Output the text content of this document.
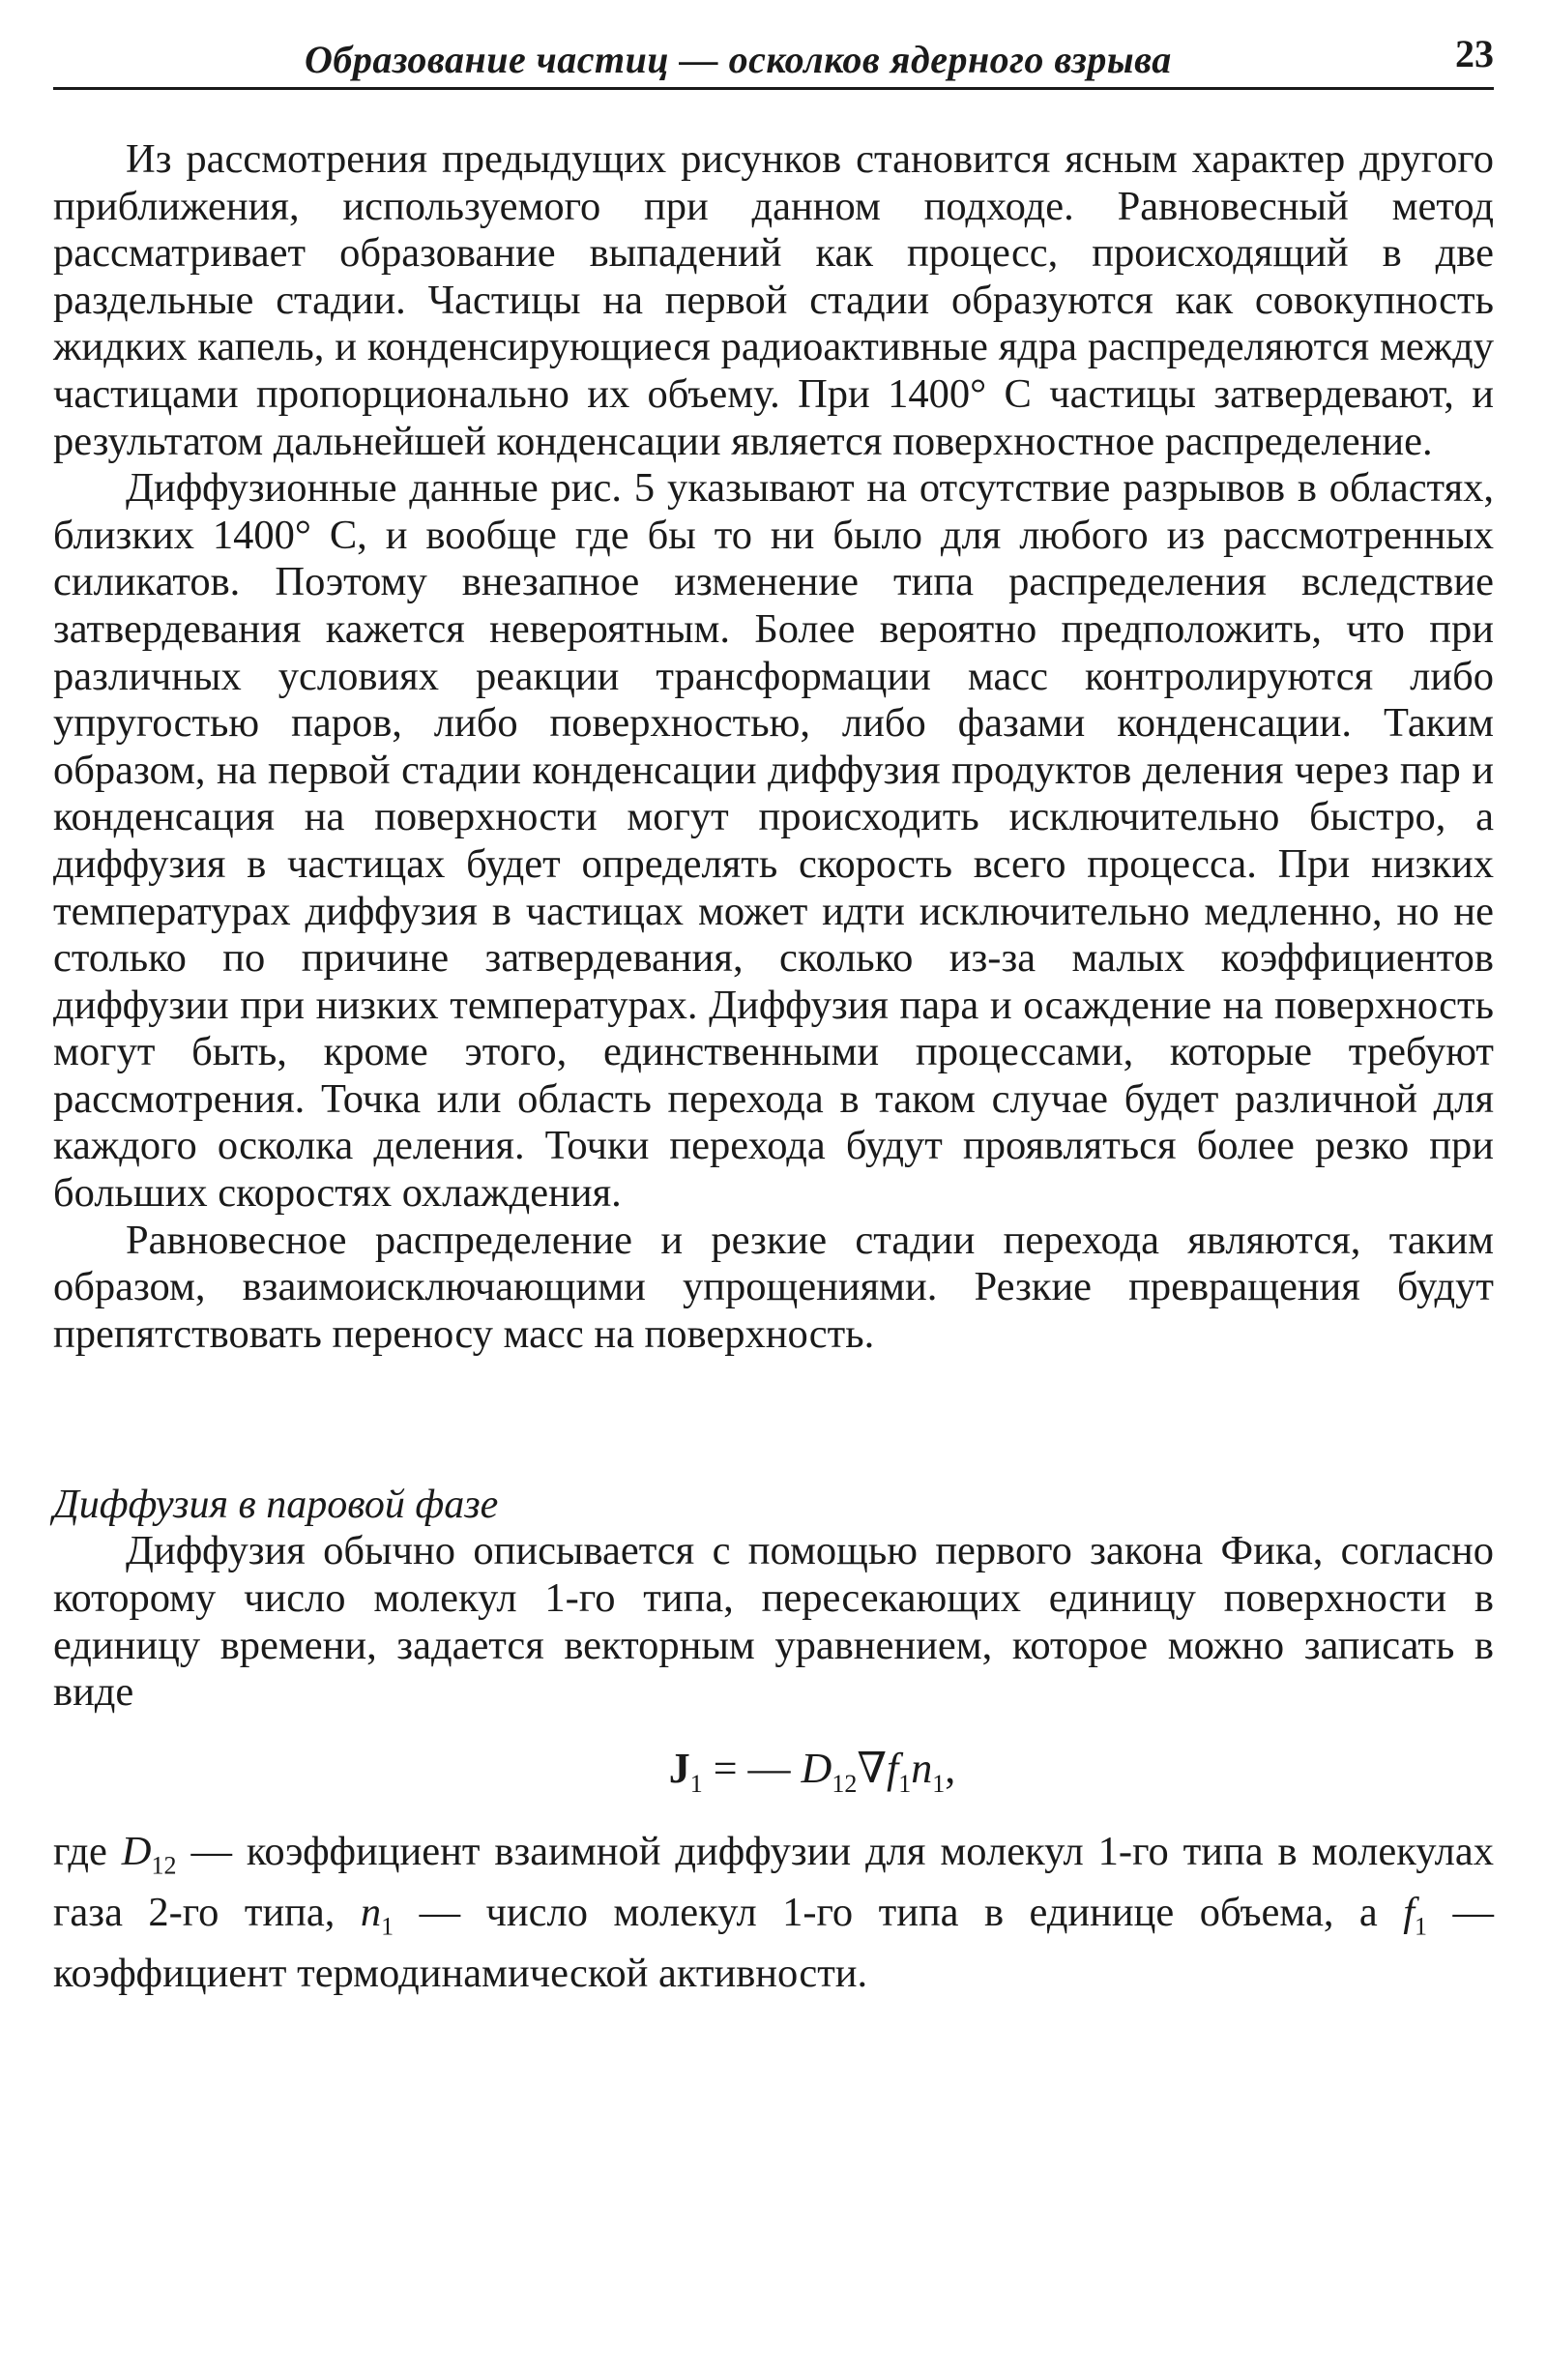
Образование частиц — осколков ядерного взрыва	23

Из рассмотрения предыдущих рисунков становится ясным характер другого приближения, используемого при данном подходе. Равновесный метод рассматривает образование выпадений как процесс, происходящий в две раздельные стадии. Частицы на первой стадии образуются как совокупность жидких капель, и конденсирующиеся радиоактивные ядра распределяются между частицами пропорционально их объему. При 1400° С частицы затвердевают, и результатом дальнейшей конденсации является поверхностное распределение.

Диффузионные данные рис. 5 указывают на отсутствие разрывов в областях, близких 1400° С, и вообще где бы то ни было для любого из рассмотренных силикатов. Поэтому внезапное изменение типа распределения вследствие затвердевания кажется невероятным. Более вероятно предположить, что при различных условиях реакции трансформации масс контролируются либо упругостью паров, либо поверхностью, либо фазами конденсации. Таким образом, на первой стадии конденсации диффузия продуктов деления через пар и конденсация на поверхности могут происходить исключительно быстро, а диффузия в частицах будет определять скорость всего процесса. При низких температурах диффузия в частицах может идти исключительно медленно, но не столько по причине затвердевания, сколько из-за малых коэффициентов диффузии при низких температурах. Диффузия пара и осаждение на поверхность могут быть, кроме этого, единственными процессами, которые требуют рассмотрения. Точка или область перехода в таком случае будет различной для каждого осколка деления. Точки перехода будут проявляться более резко при больших скоростях охлаждения.

Равновесное распределение и резкие стадии перехода являются, таким образом, взаимоисключающими упрощениями. Резкие превращения будут препятствовать переносу масс на поверхность.

Диффузия в паровой фазе

Диффузия обычно описывается с помощью первого закона Фика, согласно которому число молекул 1-го типа, пересекающих единицу поверхности в единицу времени, задается векторным уравнением, которое можно записать в виде

$J_1$ = — $D_{12}\nabla f_1n_1$,

где $D_{12}$ — коэффициент взаимной диффузии для молекул 1-го типа в молекулах газа 2-го типа, $n_1$ — число молекул 1-го типа в единице объема, а $f_1$ — коэффициент термодинамической активности.
